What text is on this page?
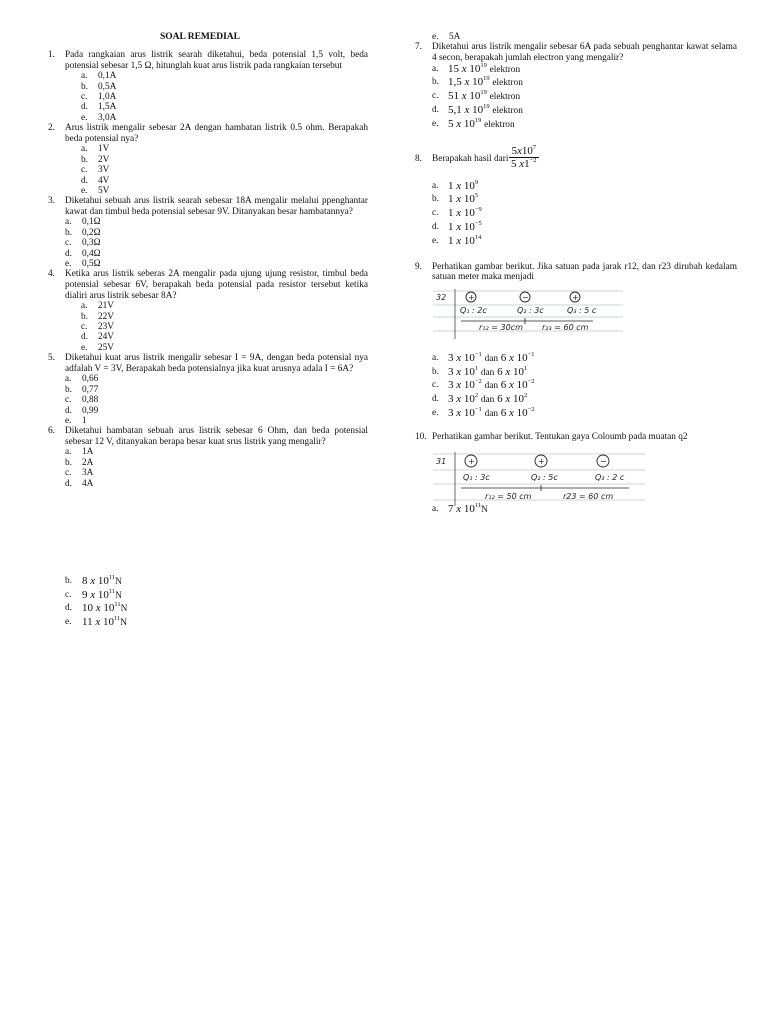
SOAL REMEDIAL
1. Pada rangkaian arus listrik searah diketahui, beda potensial 1,5 volt, beda potensial sebesar 1,5 Ω, hitunglah kuat arus listrik pada rangkaian tersebut
a. 0,1A
b. 0,5A
c. 1,0A
d. 1,5A
e. 3,0A
2. Arus listrik mengalir sebesar 2A dengan hambatan listrik 0.5 ohm. Berapakah beda potensial nya?
a. 1V
b. 2V
c. 3V
d. 4V
e. 5V
3. Diketahui sebuah arus listrik searah sebesar 18A mengalir melalui ppenghantar kawat dan timbul beda potensial sebesar 9V. Ditanyakan besar hambatannya?
a. 0,1Ω
b. 0,2Ω
c. 0,3Ω
d. 0,4Ω
e. 0,5Ω
4. Ketika arus listrik seberas 2A mengalir pada ujung ujung resistor, timbul beda potensial sebesar 6V, berapakah beda potensial pada resistor tersebut ketika dialiri arus listrik sebesar 8A?
a. 21V
b. 22V
c. 23V
d. 24V
e. 25V
5. Diketahui kuat arus listrik mengalir sebesar I = 9A, dengan beda potensial nya adfalah V = 3V, Berapakah beda potensialnya jika kuat arusnya adala I = 6A?
a. 0,66
b. 0,77
c. 0,88
d. 0,99
e. 1
6. Diketahui hambatan sebuah arus listrik sebesar 6 Ohm, dan beda potensial sebesar 12 V, ditanyakan berapa besar kuat srus listrik yang mengalir?
a. 1A
b. 2A
c. 3A
d. 4A
b. 8 x $10^{11}N$
c. 9 x $10^{11}N$
d. 10 x $10^{11}N$
e. 11 x $10^{11}N$
e. 5A
7. Diketahui arus listrik mengalir sebesar 6A pada sebuah penghantar kawat selama 4 secon, berapakah jumlah electron yang mengalir?
a. 15 x $10^{19}$ elektron
b. 1,5 x $10^{19}$ elektron
c. 51 x $10^{19}$ elektron
d. 5,1 x $10^{19}$ elektron
e. 5 x $10^{19}$ elektron
8. Berapakah hasil dari $\frac{5x10^7}{5 x1^{-2}}$
a. 1 x $10^9$
b. 1 x $10^5$
c. 1 x $10^{-9}$
d. 1 x $10^{-5}$
e. 1 x $10^{14}$
9. Perhatikan gambar berikut. Jika satuan pada jarak r12, dan r23 dirubah kedalam satuan meter maka menjadi
32	+	−	+
Q₁ : 2c	Q₂ : 3c	Q₃ : 5 c
r₁₂ = 30cm r₂₃ = 60 cm
a. 3 x $10^{-1}$ dan 6 x $10^{-1}$
b. 3 x $10^1$ dan 6 x $10^1$
c. 3 x $10^{-2}$ dan 6 x $10^{-2}$
d. 3 x $10^2$ dan 6 x $10^2$
e. 3 x $10^{-1}$ dan 6 x $10^{-2}$
10. Perhatikan gambar berikut. Tentukan gaya Coloumb pada muatan q2
31	+	+	−
Q₁ : 3c	Q₂ : 5c	Q₃ : 2 c
r₁₂ = 50 cm	r23 = 60 cm
a. 7 x $10^{11}N$
